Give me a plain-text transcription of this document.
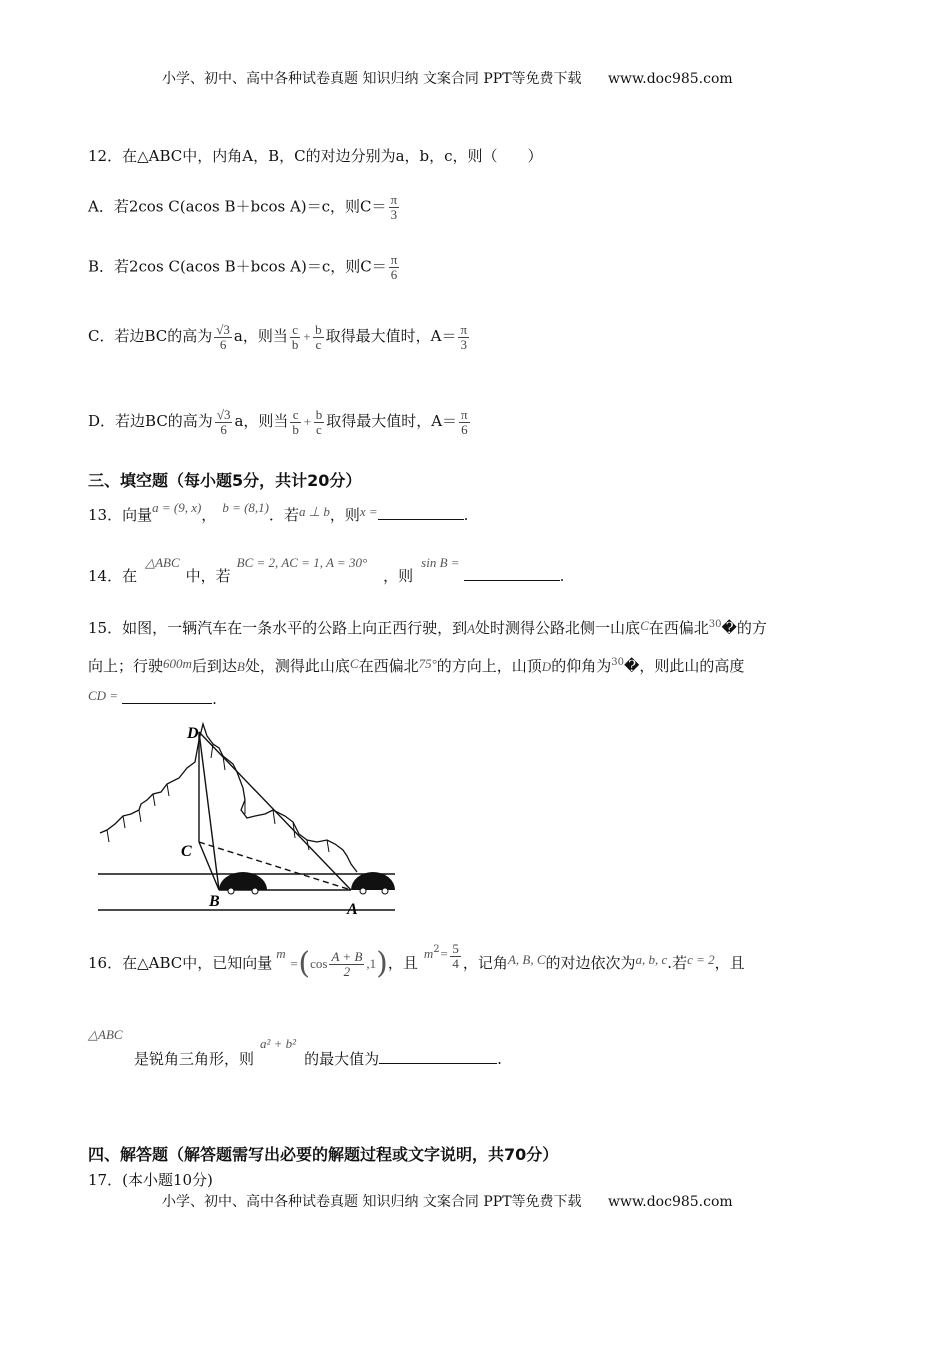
小学、初中、高中各种试卷真题 知识归纳 文案合同 PPT等免费下载 www.doc985.com
12．在△ABC中，内角A，B，C的对边分别为a，b，c，则（　　）
A．若2cos C(acos B＋bcos A)＝c，则$C= \frac{\pi}{3}$
B．若2cos C(acos B＋bcos A)＝c，则$C= \frac{\pi}{6}$
C．若边BC的高为 $\frac{√3}{6}$ a，则当 $\frac{c}{b} + \frac{b}{c}$ 取得最大值时，$A= \frac{\pi}{3}$
D．若边BC的高为 $\frac{√3}{6}$ a，则当 $\frac{c}{b} + \frac{b}{c}$ 取得最大值时，$A= \frac{\pi}{6}$
三、填空题（每小题5分，共计20分）
13．向量a = (9, x)， b = (8,1)．若a ⊥ b，则x =	.
14．在△ABC中，若BC = 2, AC = 1, A = 30°，则sin B =.
15．如图，一辆汽车在一条水平的公路上向正西行驶，到A处时测得公路北侧一山底C在西偏北$^{30}$�的方
向上；行驶600m后到达B处，测得此山底C在西偏北75°的方向上，山顶D的仰角为$^{30}$�，则此山的高度
CD =	.
D
C
B	A
16．在△ABC中，已知向量$m=(\cos \frac{A + B}{2} ,1)$，且$m^2= \frac{5}{4}$ ，记角A, B, C的对边依次为a, b, c.若c = 2，且
△ABC
是锐角三角形，则a² + b²的最大值为	.
四、解答题（解答题需写出必要的解题过程或文字说明，共70分）
17．(本小题10分)
小学、初中、高中各种试卷真题 知识归纳 文案合同 PPT等免费下载 www.doc985.com
